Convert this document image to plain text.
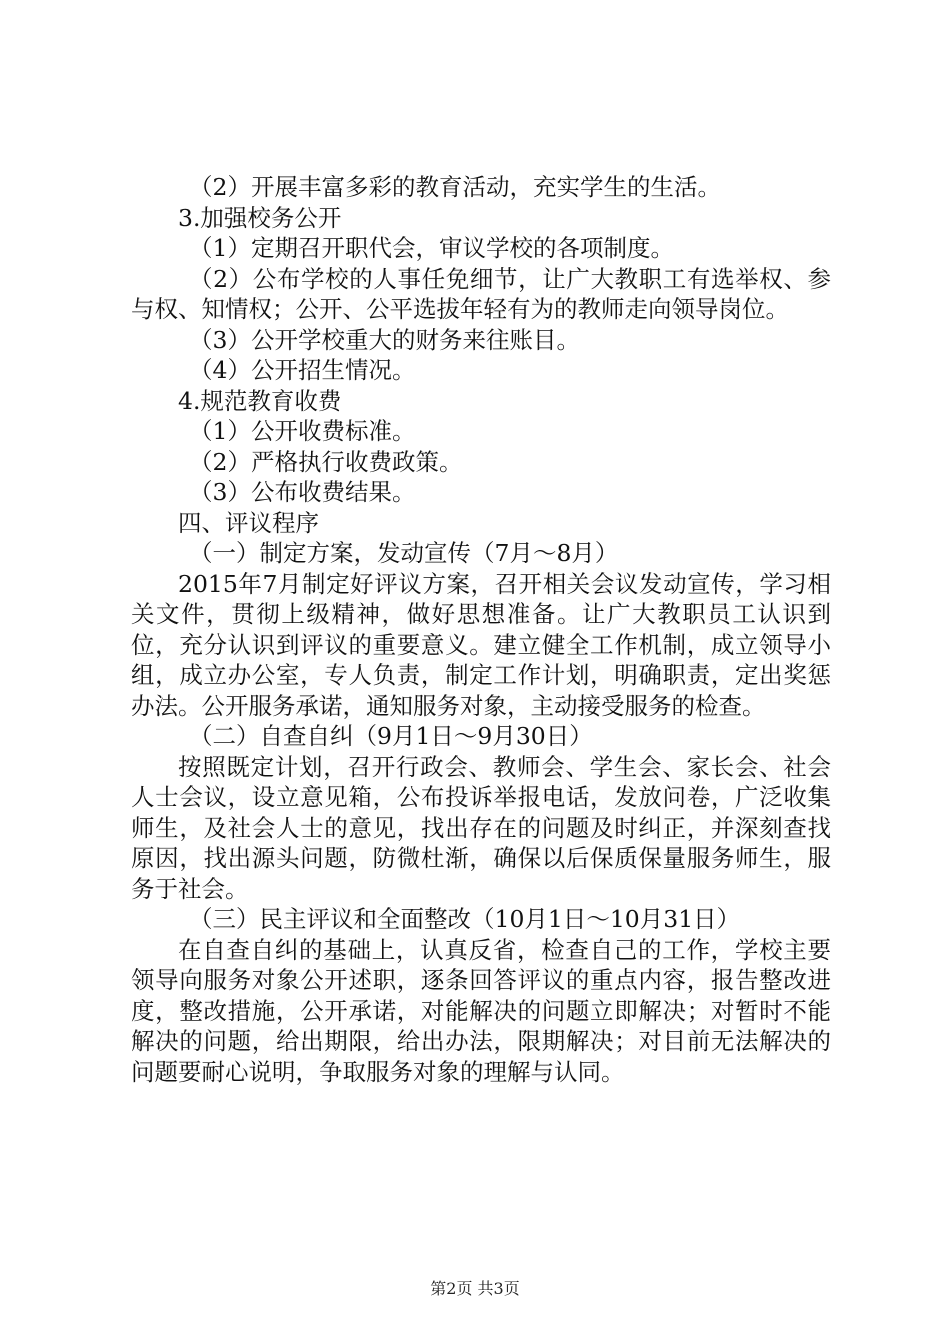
（2）开展丰富多彩的教育活动，充实学生的生活。
3.加强校务公开
（1）定期召开职代会，审议学校的各项制度。
（2）公布学校的人事任免细节，让广大教职工有选举权、参与权、知情权；公开、公平选拔年轻有为的教师走向领导岗位。
（3）公开学校重大的财务来往账目。
（4）公开招生情况。
4.规范教育收费
（1）公开收费标准。
（2）严格执行收费政策。
（3）公布收费结果。
四、评议程序
（一）制定方案，发动宣传（7月～8月）
2015年7月制定好评议方案，召开相关会议发动宣传，学习相关文件，贯彻上级精神，做好思想准备。让广大教职员工认识到位，充分认识到评议的重要意义。建立健全工作机制，成立领导小组，成立办公室，专人负责，制定工作计划，明确职责，定出奖惩办法。公开服务承诺，通知服务对象，主动接受服务的检查。
（二）自查自纠（9月1日～9月30日）
按照既定计划，召开行政会、教师会、学生会、家长会、社会人士会议，设立意见箱，公布投诉举报电话，发放问卷，广泛收集师生，及社会人士的意见，找出存在的问题及时纠正，并深刻查找原因，找出源头问题，防微杜渐，确保以后保质保量服务师生，服务于社会。
（三）民主评议和全面整改（10月1日～10月31日）
在自查自纠的基础上，认真反省，检查自己的工作，学校主要领导向服务对象公开述职，逐条回答评议的重点内容，报告整改进度，整改措施，公开承诺，对能解决的问题立即解决；对暂时不能解决的问题，给出期限，给出办法，限期解决；对目前无法解决的问题要耐心说明，争取服务对象的理解与认同。
第2页 共3页
